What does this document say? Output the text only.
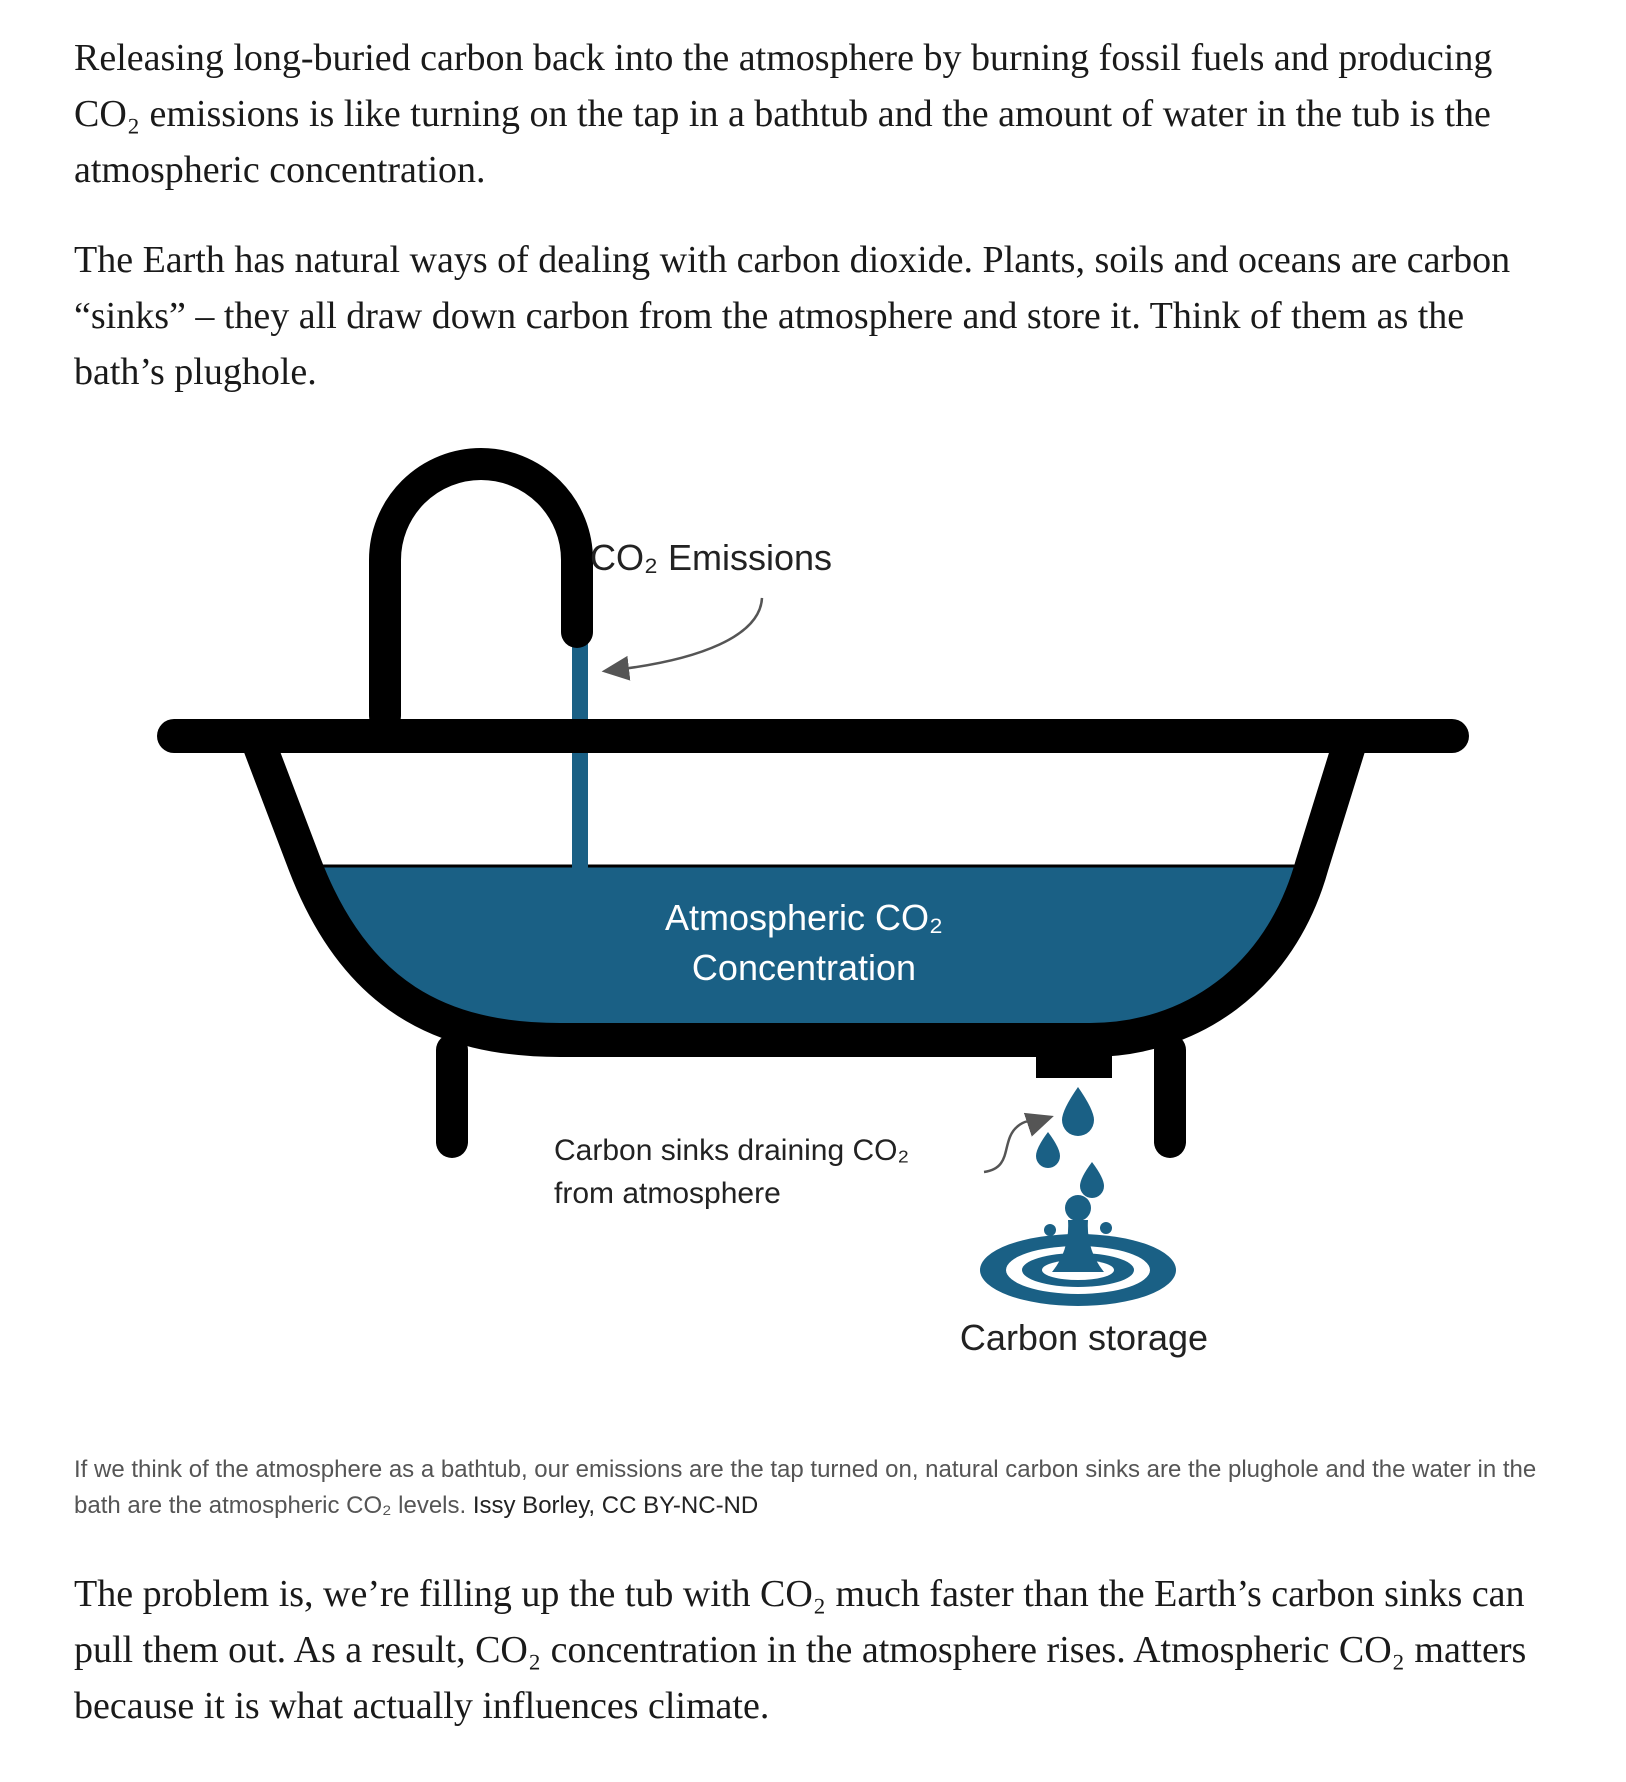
Releasing long-buried carbon back into the atmosphere by burning fossil fuels and producing CO₂ emissions is like turning on the tap in a bathtub and the amount of water in the tub is the atmospheric concentration.

The Earth has natural ways of dealing with carbon dioxide. Plants, soils and oceans are carbon “sinks” – they all draw down carbon from the atmosphere and store it. Think of them as the bath’s plughole.

CO₂ Emissions
Atmospheric CO₂
Concentration
Carbon sinks draining CO₂
from atmosphere
Carbon storage

If we think of the atmosphere as a bathtub, our emissions are the tap turned on, natural carbon sinks are the plughole and the water in the bath are the atmospheric CO₂ levels. Issy Borley, CC BY-NC-ND

The problem is, we’re filling up the tub with CO₂ much faster than the Earth’s carbon sinks can pull them out. As a result, CO₂ concentration in the atmosphere rises. Atmospheric CO₂ matters because it is what actually influences climate.
